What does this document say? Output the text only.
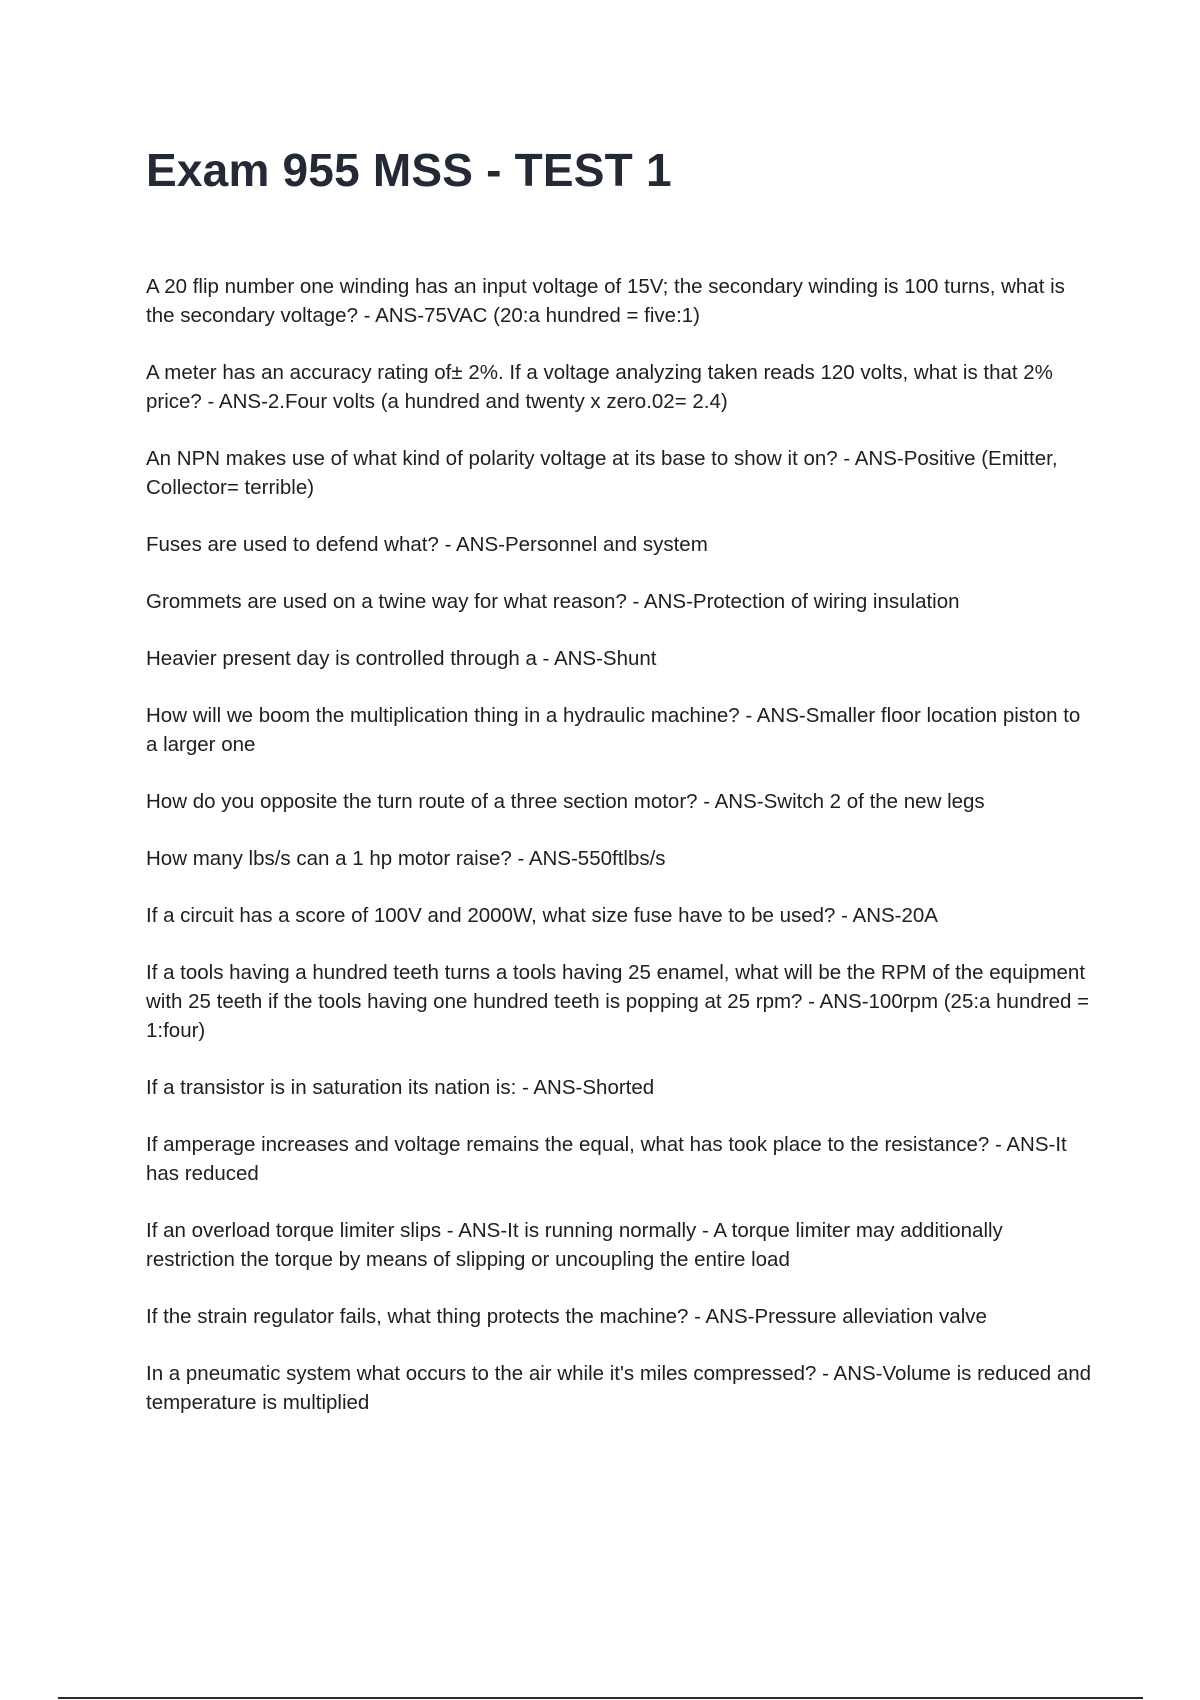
Exam 955 MSS - TEST 1
A 20 flip number one winding has an input voltage of 15V; the secondary winding is 100 turns, what is the secondary voltage? - ANS-75VAC (20:a hundred = five:1)
A meter has an accuracy rating of± 2%. If a voltage analyzing taken reads 120 volts, what is that 2% price? - ANS-2.Four volts (a hundred and twenty x zero.02= 2.4)
An NPN makes use of what kind of polarity voltage at its base to show it on? - ANS-Positive (Emitter, Collector= terrible)
Fuses are used to defend what? - ANS-Personnel and system
Grommets are used on a twine way for what reason? - ANS-Protection of wiring insulation
Heavier present day is controlled through a - ANS-Shunt
How will we boom the multiplication thing in a hydraulic machine? - ANS-Smaller floor location piston to a larger one
How do you opposite the turn route of a three section motor? - ANS-Switch 2 of the new legs
How many lbs/s can a 1 hp motor raise? - ANS-550ftlbs/s
If a circuit has a score of 100V and 2000W, what size fuse have to be used? - ANS-20A
If a tools having a hundred teeth turns a tools having 25 enamel, what will be the RPM of the equipment with 25 teeth if the tools having one hundred teeth is popping at 25 rpm? - ANS-100rpm (25:a hundred = 1:four)
If a transistor is in saturation its nation is: - ANS-Shorted
If amperage increases and voltage remains the equal, what has took place to the resistance? - ANS-It has reduced
If an overload torque limiter slips - ANS-It is running normally - A torque limiter may additionally restriction the torque by means of slipping or uncoupling the entire load
If the strain regulator fails, what thing protects the machine? - ANS-Pressure alleviation valve
In a pneumatic system what occurs to the air while it's miles compressed? - ANS-Volume is reduced and temperature is multiplied
